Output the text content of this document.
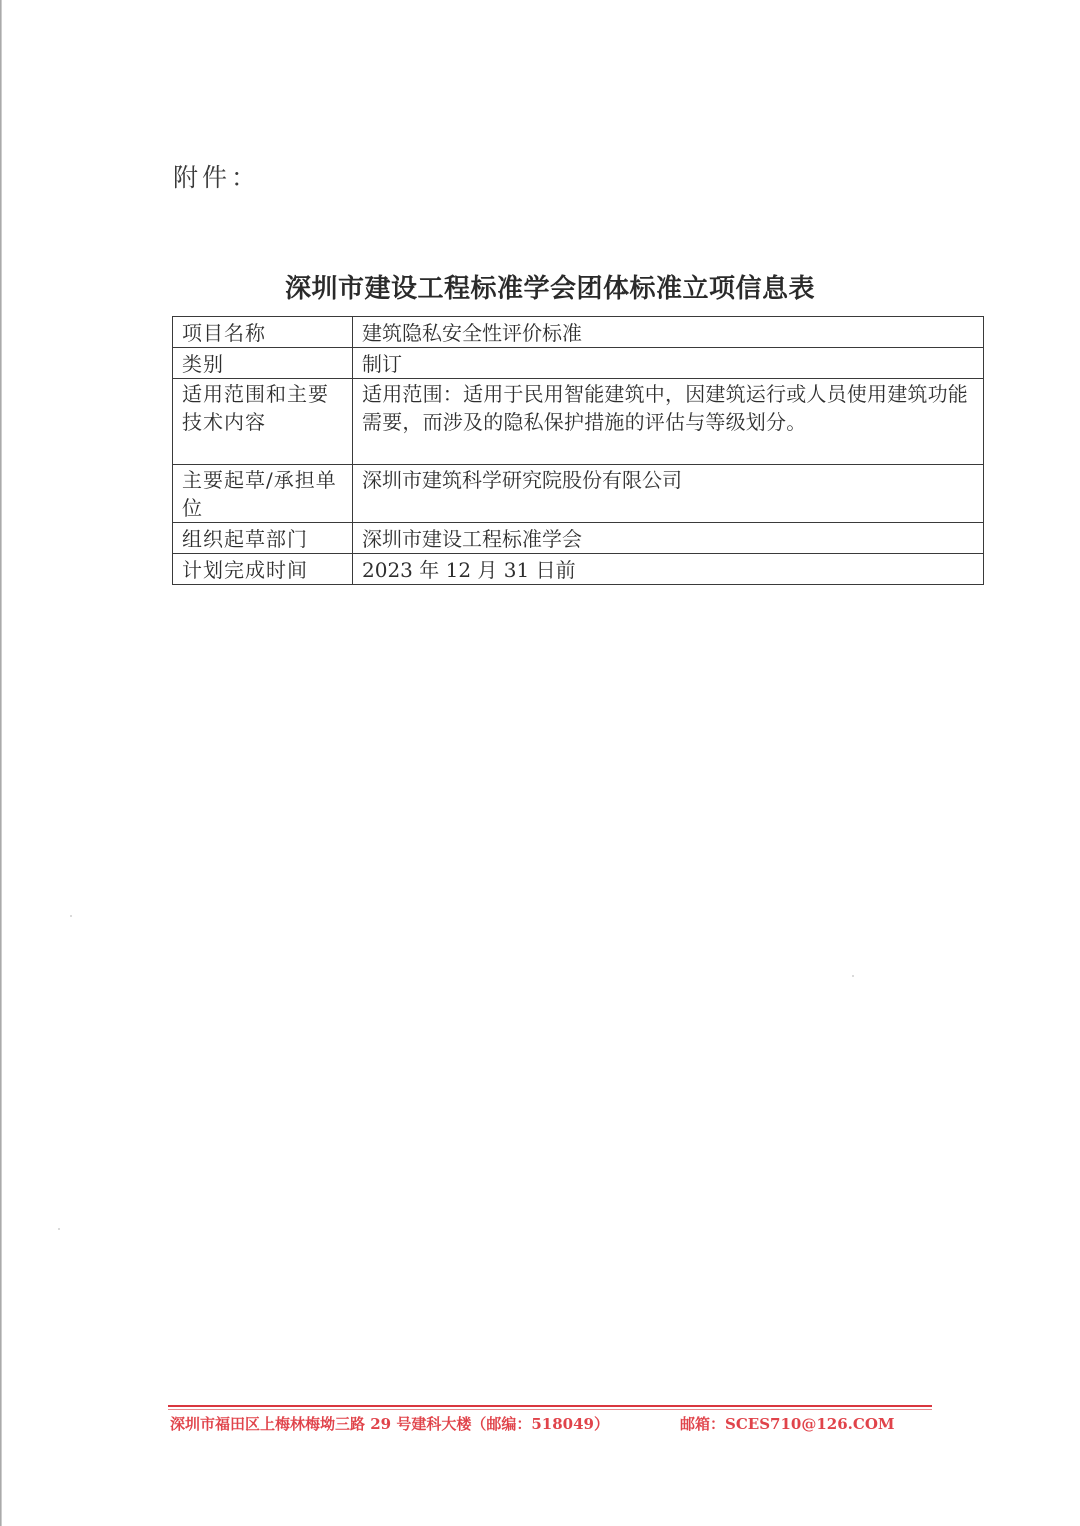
附件：
深圳市建设工程标准学会团体标准立项信息表
项目名称	建筑隐私安全性评价标准
类别	制订
适用范围和主要技术内容	适用范围：适用于民用智能建筑中，因建筑运行或人员使用建筑功能需要，而涉及的隐私保护措施的评估与等级划分。
主要起草/承担单位	深圳市建筑科学研究院股份有限公司
组织起草部门	深圳市建设工程标准学会
计划完成时间	2023 年 12 月 31 日前
深圳市福田区上梅林梅坳三路 29 号建科大楼（邮编：518049）	邮箱：SCES710@126.COM
